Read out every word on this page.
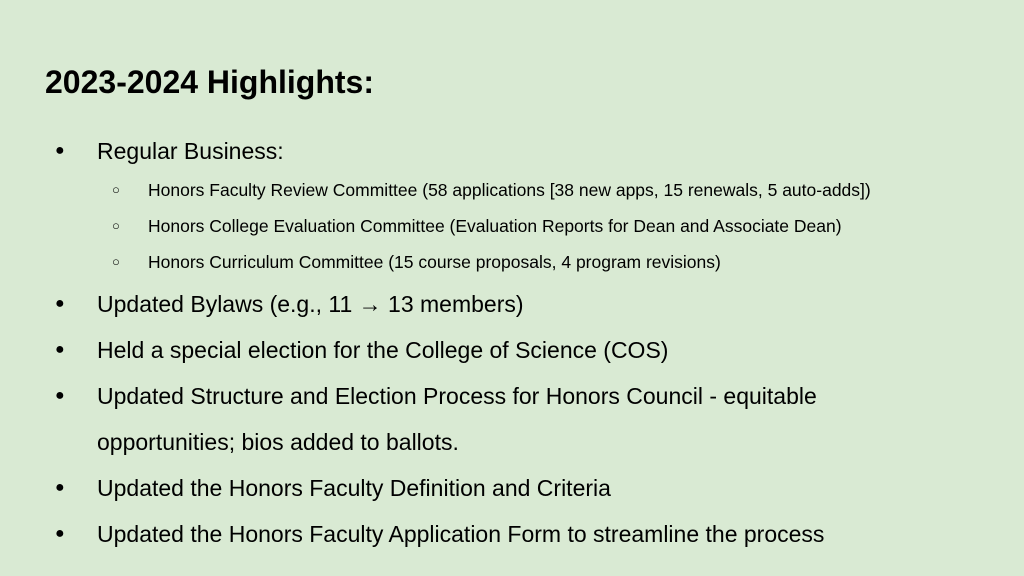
2023-2024 Highlights:
● Regular Business:
○ Honors Faculty Review Committee (58 applications [38 new apps, 15 renewals, 5 auto-adds])
○ Honors College Evaluation Committee (Evaluation Reports for Dean and Associate Dean)
○ Honors Curriculum Committee (15 course proposals, 4 program revisions)
● Updated Bylaws (e.g., 11 → 13 members)
● Held a special election for the College of Science (COS)
● Updated Structure and Election Process for Honors Council - equitable
opportunities; bios added to ballots.
● Updated the Honors Faculty Definition and Criteria
● Updated the Honors Faculty Application Form to streamline the process
